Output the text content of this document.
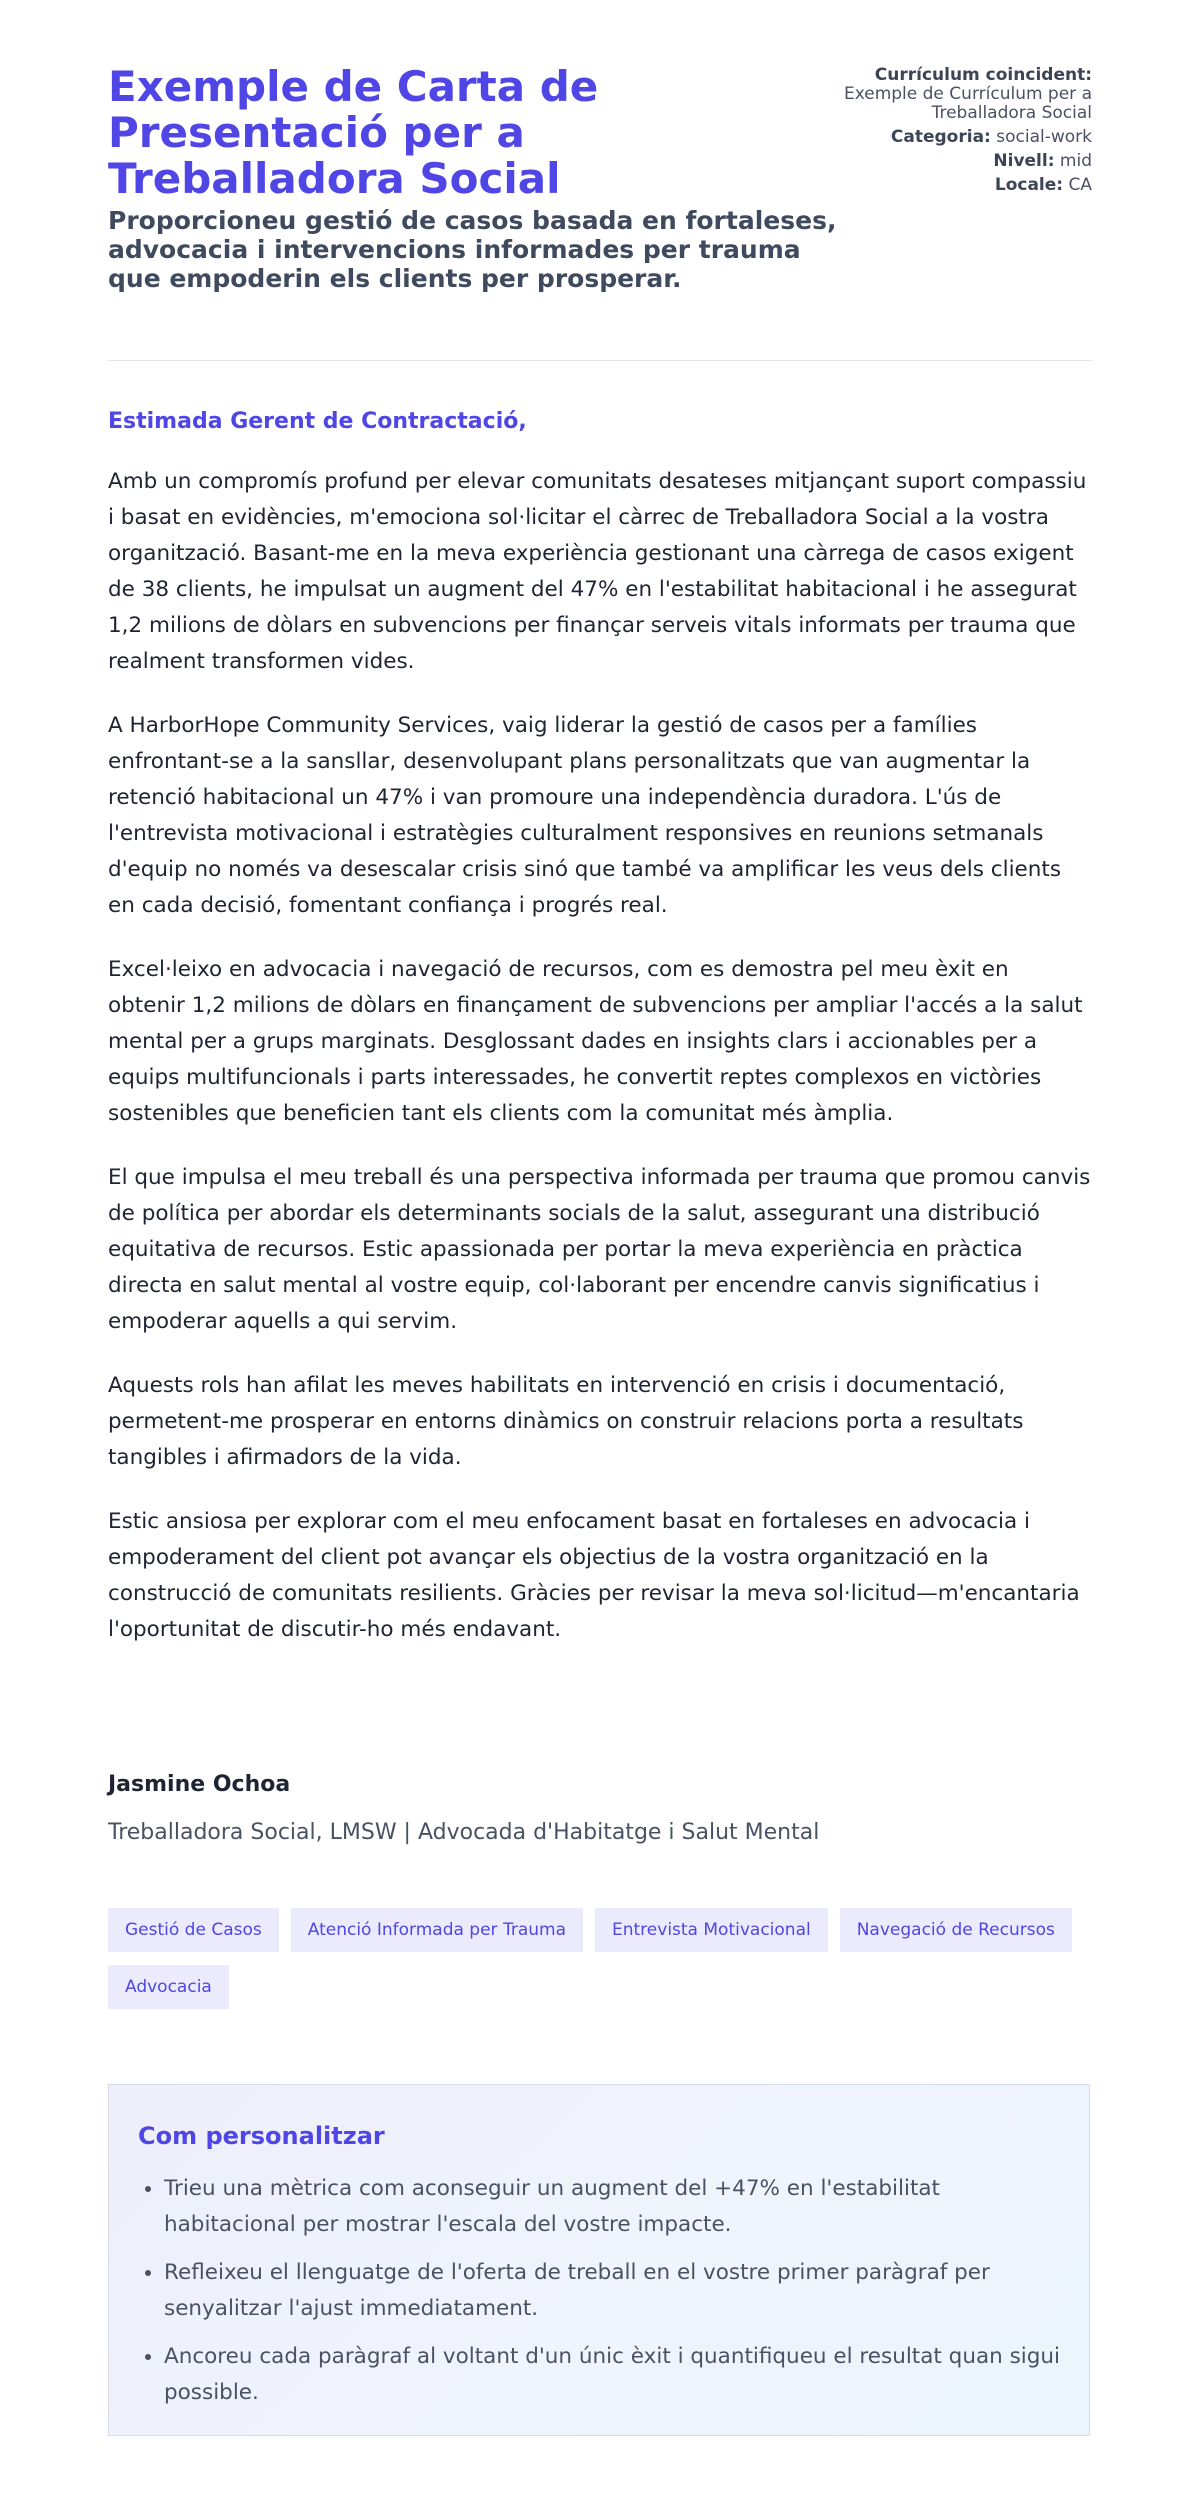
Exemple de Carta de Presentació per a Treballadora Social

Proporcioneu gestió de casos basada en fortaleses, advocacia i intervencions informades per trauma que empoderin els clients per prosperar.

Currículum coincident:
Exemple de Currículum per a Treballadora Social
Categoria: social-work
Nivell: mid
Locale: CA

Estimada Gerent de Contractació,

Amb un compromís profund per elevar comunitats desateses mitjançant suport compassiu i basat en evidències, m'emociona sol·licitar el càrrec de Treballadora Social a la vostra organització. Basant-me en la meva experiència gestionant una càrrega de casos exigent de 38 clients, he impulsat un augment del 47% en l'estabilitat habitacional i he assegurat 1,2 milions de dòlars en subvencions per finançar serveis vitals informats per trauma que realment transformen vides.

A HarborHope Community Services, vaig liderar la gestió de casos per a famílies enfrontant-se a la sansllar, desenvolupant plans personalitzats que van augmentar la retenció habitacional un 47% i van promoure una independència duradora. L'ús de l'entrevista motivacional i estratègies culturalment responsives en reunions setmanals d'equip no només va desescalar crisis sinó que també va amplificar les veus dels clients en cada decisió, fomentant confiança i progrés real.

Excel·leixo en advocacia i navegació de recursos, com es demostra pel meu èxit en obtenir 1,2 milions de dòlars en finançament de subvencions per ampliar l'accés a la salut mental per a grups marginats. Desglossant dades en insights clars i accionables per a equips multifuncionals i parts interessades, he convertit reptes complexos en victòries sostenibles que beneficien tant els clients com la comunitat més àmplia.

El que impulsa el meu treball és una perspectiva informada per trauma que promou canvis de política per abordar els determinants socials de la salut, assegurant una distribució equitativa de recursos. Estic apassionada per portar la meva experiència en pràctica directa en salut mental al vostre equip, col·laborant per encendre canvis significatius i empoderar aquells a qui servim.

Aquests rols han afilat les meves habilitats en intervenció en crisis i documentació, permetent-me prosperar en entorns dinàmics on construir relacions porta a resultats tangibles i afirmadors de la vida.

Estic ansiosa per explorar com el meu enfocament basat en fortaleses en advocacia i empoderament del client pot avançar els objectius de la vostra organització en la construcció de comunitats resilients. Gràcies per revisar la meva sol·licitud—m'encantaria l'oportunitat de discutir-ho més endavant.

Jasmine Ochoa
Treballadora Social, LMSW | Advocada d'Habitatge i Salut Mental
Gestió de Casos	Atenció Informada per Trauma	Entrevista Motivacional	Navegació de Recursos
Advocacia
Com personalitzar
• Trieu una mètrica com aconseguir un augment del +47% en l'estabilitat habitacional per mostrar l'escala del vostre impacte.
• Refleixeu el llenguatge de l'oferta de treball en el vostre primer paràgraf per senyalitzar l'ajust immediatament.
• Ancoreu cada paràgraf al voltant d'un únic èxit i quantifiqueu el resultat quan sigui possible.
